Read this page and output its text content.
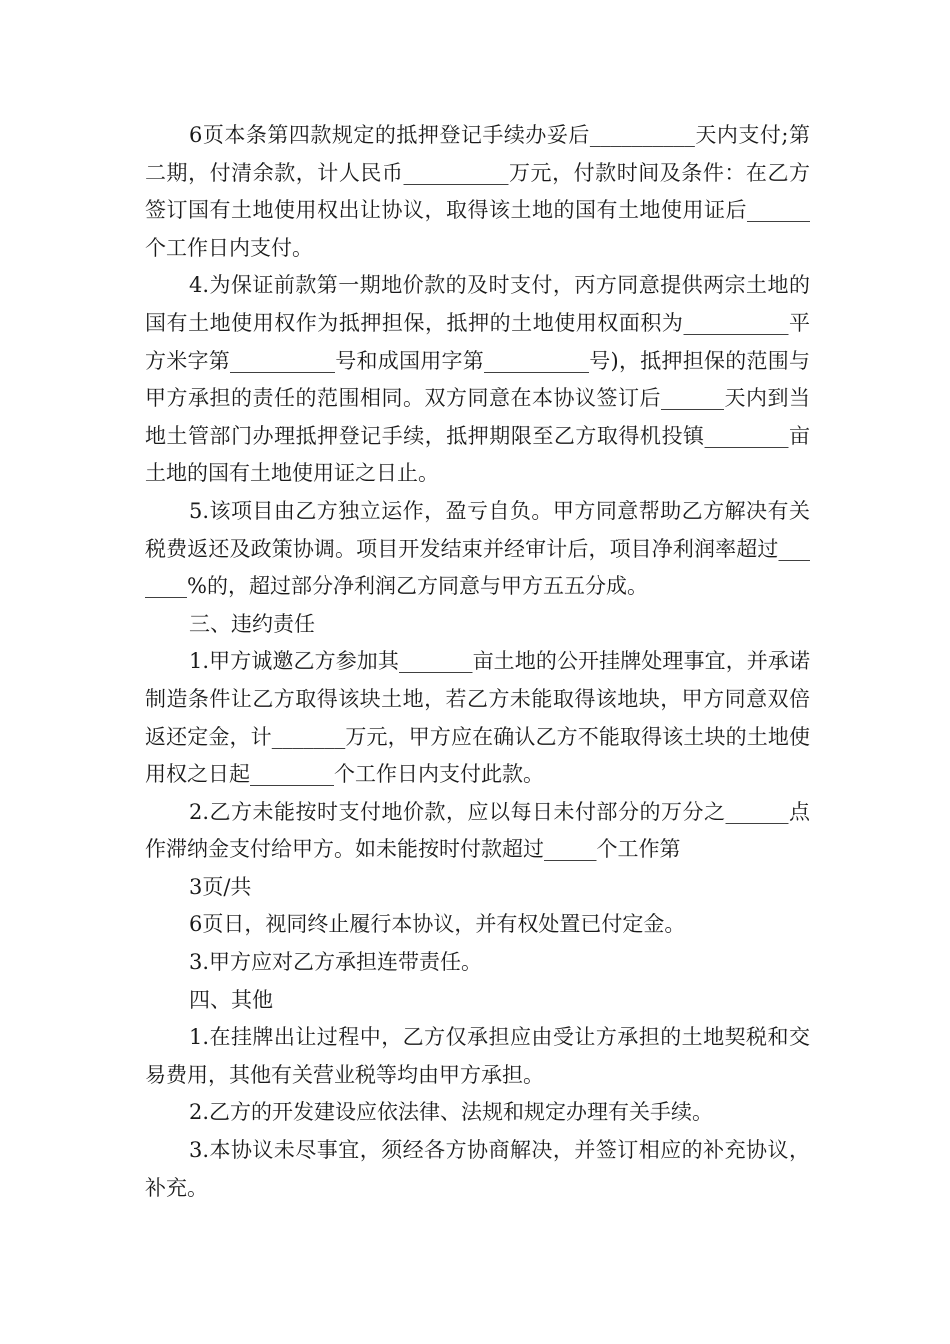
6页本条第四款规定的抵押登记手续办妥后__________天内支付;第二期，付清余款，计人民币__________万元，付款时间及条件：在乙方签订国有土地使用权出让协议，取得该土地的国有土地使用证后______个工作日内支付。

4.为保证前款第一期地价款的及时支付，丙方同意提供两宗土地的国有土地使用权作为抵押担保，抵押的土地使用权面积为__________平方米字第__________号和成国用字第__________号)，抵押担保的范围与甲方承担的责任的范围相同。双方同意在本协议签订后______天内到当地土管部门办理抵押登记手续，抵押期限至乙方取得机投镇________亩土地的国有土地使用证之日止。

5.该项目由乙方独立运作，盈亏自负。甲方同意帮助乙方解决有关税费返还及政策协调。项目开发结束并经审计后，项目净利润率超过_______%的，超过部分净利润乙方同意与甲方五五分成。

三、违约责任

1.甲方诚邀乙方参加其_______亩土地的公开挂牌处理事宜，并承诺制造条件让乙方取得该块土地，若乙方未能取得该地块，甲方同意双倍返还定金，计_______万元，甲方应在确认乙方不能取得该土块的土地使用权之日起________个工作日内支付此款。

2.乙方未能按时支付地价款，应以每日未付部分的万分之______点作滞纳金支付给甲方。如未能按时付款超过_____个工作第

3页/共

6页日，视同终止履行本协议，并有权处置已付定金。

3.甲方应对乙方承担连带责任。

四、其他

1.在挂牌出让过程中，乙方仅承担应由受让方承担的土地契税和交易费用，其他有关营业税等均由甲方承担。

2.乙方的开发建设应依法律、法规和规定办理有关手续。

3.本协议未尽事宜，须经各方协商解决，并签订相应的补充协议，补充。
